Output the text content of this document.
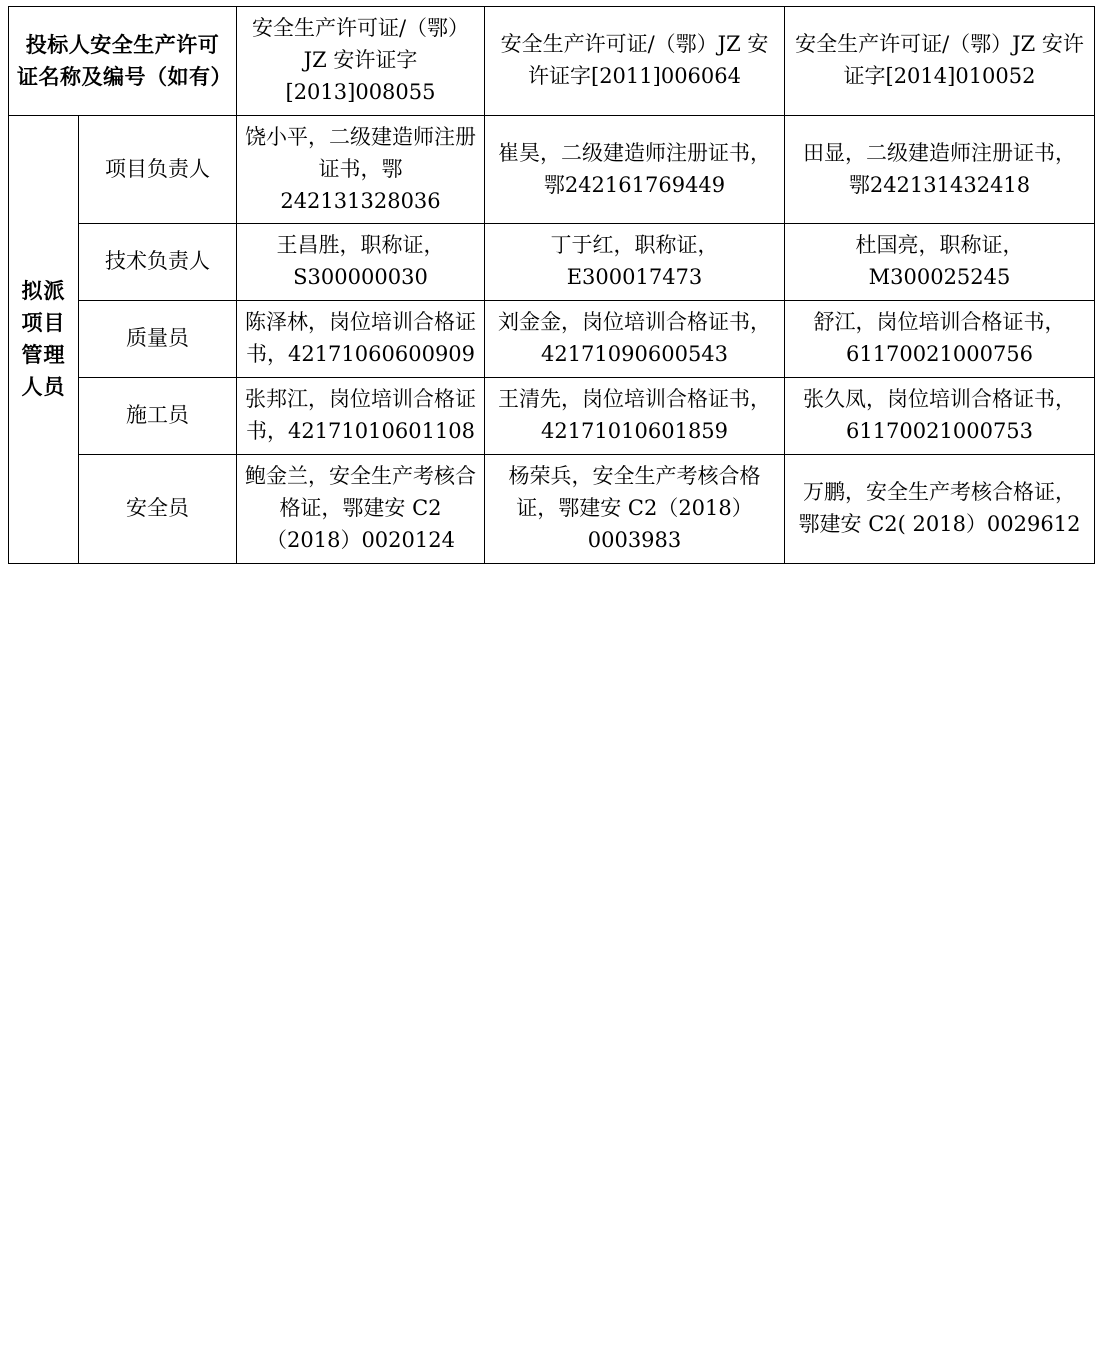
投标人安全生产许可证名称及编号（如有）		安全生产许可证/（鄂）JZ 安许证字[2013]008055	安全生产许可证/（鄂）JZ 安许证字[2011]006064	安全生产许可证/（鄂）JZ 安许证字[2014]010052
拟派项目管理人员	项目负责人	饶小平，二级建造师注册证书，鄂242131328036	崔昊，二级建造师注册证书，鄂242161769449	田显，二级建造师注册证书，鄂242131432418
	技术负责人	王昌胜，职称证，S300000030	丁于红，职称证，E300017473	杜国亮，职称证，M300025245
	质量员	陈泽林，岗位培训合格证书，42171060600909	刘金金，岗位培训合格证书，42171090600543	舒江，岗位培训合格证书，61170021000756
	施工员	张邦江，岗位培训合格证书，42171010601108	王清先，岗位培训合格证书，42171010601859	张久凤，岗位培训合格证书，61170021000753
	安全员	鲍金兰，安全生产考核合格证，鄂建安 C2（2018）0020124	杨荣兵，安全生产考核合格证，鄂建安 C2（2018）0003983	万鹏，安全生产考核合格证，鄂建安 C2( 2018）0029612
